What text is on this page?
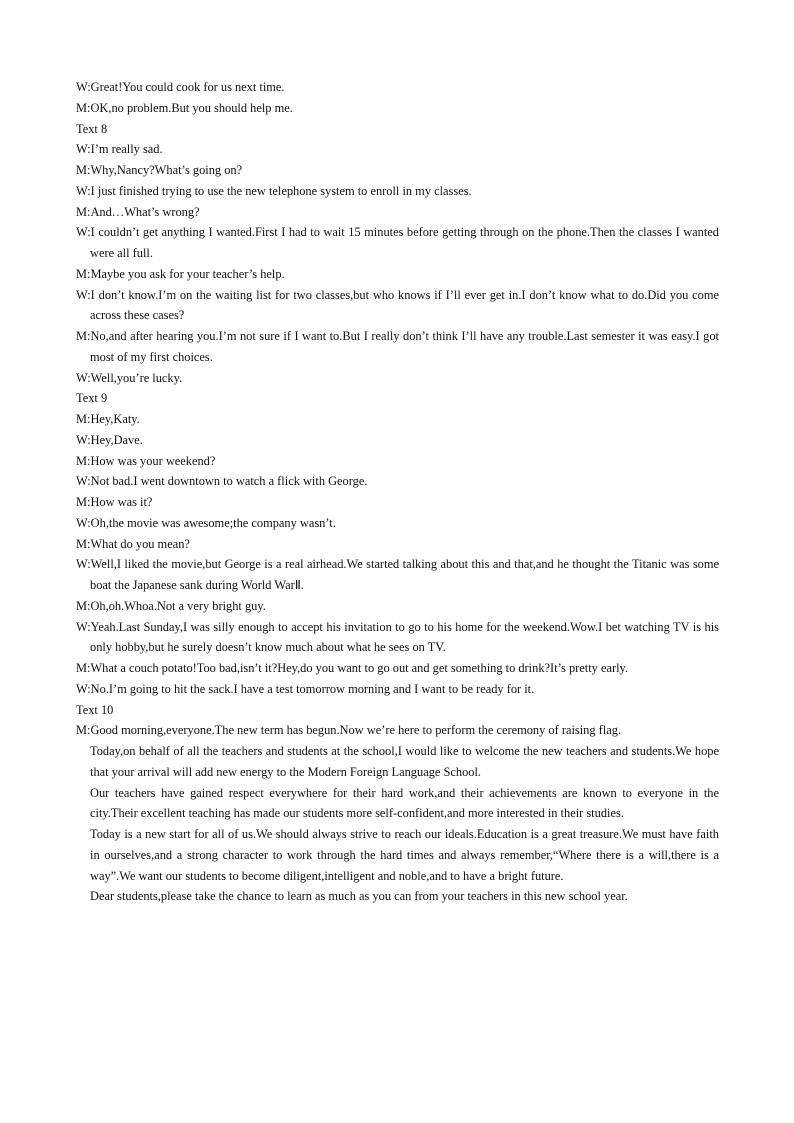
W:Great!You could cook for us next time.

M:OK,no problem.But you should help me.

Text 8

W:I’m really sad.

M:Why,Nancy?What’s going on?

W:I just finished trying to use the new telephone system to enroll in my classes.

M:And…What’s wrong?

W:I couldn’t get anything I wanted.First I had to wait 15 minutes before getting through on the phone.Then the classes I wanted were all full.

M:Maybe you ask for your teacher’s help.

W:I don’t know.I’m on the waiting list for two classes,but who knows if I’ll ever get in.I don’t know what to do.Did you come across these cases?

M:No,and after hearing you.I’m not sure if I want to.But I really don’t think I’ll have any trouble.Last semester it was easy.I got most of my first choices.

W:Well,you’re lucky.

Text 9

M:Hey,Katy.

W:Hey,Dave.

M:How was your weekend?

W:Not bad.I went downtown to watch a flick with George.

M:How was it?

W:Oh,the movie was awesome;the company wasn’t.

M:What do you mean?

W:Well,I liked the movie,but George is a real airhead.We started talking about this and that,and he thought the Titanic was some boat the Japanese sank during World WarⅡ.

M:Oh,oh.Whoa.Not a very bright guy.

W:Yeah.Last Sunday,I was silly enough to accept his invitation to go to his home for the weekend.Wow.I bet watching TV is his only hobby,but he surely doesn’t know much about what he sees on TV.

M:What a couch potato!Too bad,isn’t it?Hey,do you want to go out and get something to drink?It’s pretty early.

W:No.I’m going to hit the sack.I have a test tomorrow morning and I want to be ready for it.

Text 10

M:Good morning,everyone.The new term has begun.Now we’re here to perform the ceremony of raising flag.

Today,on behalf of all the teachers and students at the school,I would like to welcome the new teachers and students.We hope that your arrival will add new energy to the Modern Foreign Language School.

Our teachers have gained respect everywhere for their hard work,and their achievements are known to everyone in the city.Their excellent teaching has made our students more self-confident,and more interested in their studies.

Today is a new start for all of us.We should always strive to reach our ideals.Education is a great treasure.We must have faith in ourselves,and a strong character to work through the hard times and always remember,“Where there is a will,there is a way”.We want our students to become diligent,intelligent and noble,and to have a bright future.

Dear students,please take the chance to learn as much as you can from your teachers in this new school year.
